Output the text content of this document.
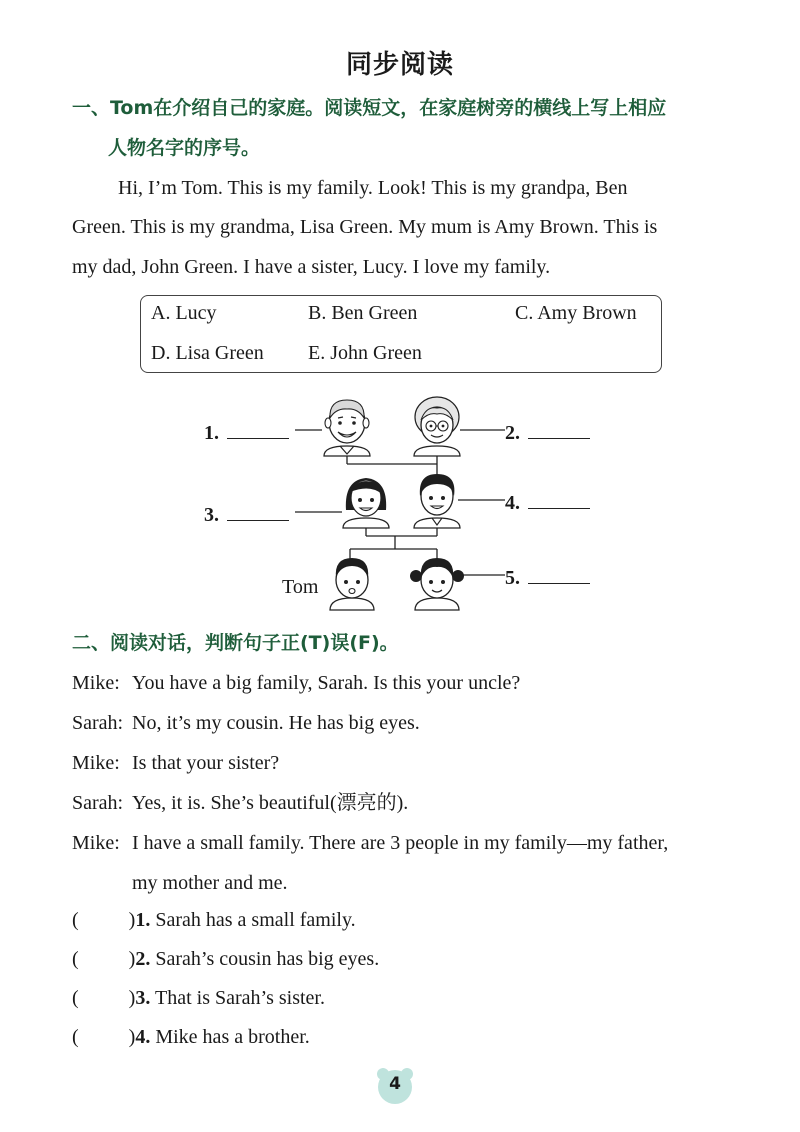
同步阅读
一、Tom在介绍自己的家庭。阅读短文，在家庭树旁的横线上写上相应
人物名字的序号。
Hi, I’m Tom. This is my family. Look! This is my grandpa, Ben
Green. This is my grandma, Lisa Green. My mum is Amy Brown. This is
my dad, John Green. I have a sister, Lucy. I love my family.
A. Lucy	B. Ben Green	C. Amy Brown
D. Lisa Green E. John Green
1.	2.
3.
4.
5.
Tom
二、阅读对话，判断句子正(T)误(F)。
Mike: You have a big family, Sarah. Is this your uncle?
Sarah: No, it’s my cousin. He has big eyes.
Mike: Is that your sister?
Sarah: Yes, it is. She’s beautiful(漂亮的).
Mike: I have a small family. There are 3 people in my family—my father,
my mother and me.
(	) 1. Sarah has a small family.
(	) 2. Sarah’s cousin has big eyes.
(	) 3. That is Sarah’s sister.
(	) 4. Mike has a brother.
4
